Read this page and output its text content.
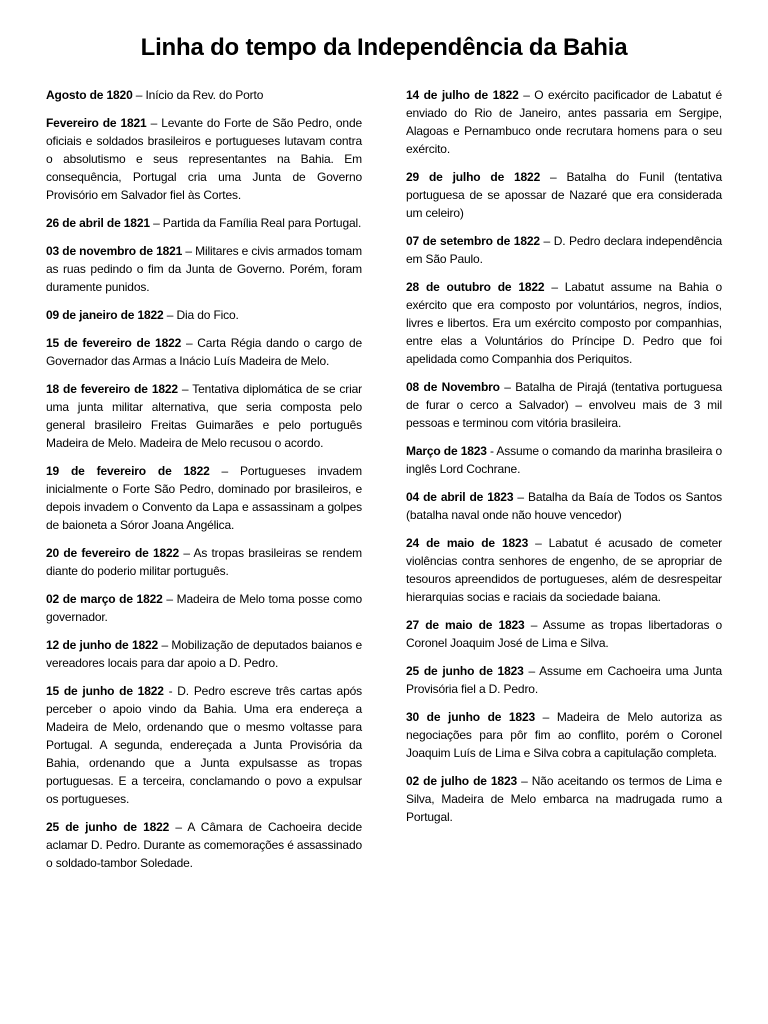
Linha do tempo da Independência da Bahia

Agosto de 1820 – Início da Rev. do Porto

Fevereiro de 1821 – Levante do Forte de São Pedro, onde oficiais e soldados brasileiros e portugueses lutavam contra o absolutismo e seus representantes na Bahia. Em consequência, Portugal cria uma Junta de Governo Provisório em Salvador fiel às Cortes.

26 de abril de 1821 – Partida da Família Real para Portugal.

03 de novembro de 1821 – Militares e civis armados tomam as ruas pedindo o fim da Junta de Governo. Porém, foram duramente punidos.

09 de janeiro de 1822 – Dia do Fico.

15 de fevereiro de 1822 – Carta Régia dando o cargo de Governador das Armas a Inácio Luís Madeira de Melo.

18 de fevereiro de 1822 – Tentativa diplomática de se criar uma junta militar alternativa, que seria composta pelo general brasileiro Freitas Guimarães e pelo português Madeira de Melo. Madeira de Melo recusou o acordo.

19 de fevereiro de 1822 – Portugueses invadem inicialmente o Forte São Pedro, dominado por brasileiros, e depois invadem o Convento da Lapa e assassinam a golpes de baioneta a Sóror Joana Angélica.

20 de fevereiro de 1822 – As tropas brasileiras se rendem diante do poderio militar português.

02 de março de 1822 – Madeira de Melo toma posse como governador.

12 de junho de 1822 – Mobilização de deputados baianos e vereadores locais para dar apoio a D. Pedro.

15 de junho de 1822 - D. Pedro escreve três cartas após perceber o apoio vindo da Bahia. Uma era endereça a Madeira de Melo, ordenando que o mesmo voltasse para Portugal. A segunda, endereçada a Junta Provisória da Bahia, ordenando que a Junta expulsasse as tropas portuguesas. E a terceira, conclamando o povo a expulsar os portugueses.

25 de junho de 1822 – A Câmara de Cachoeira decide aclamar D. Pedro. Durante as comemorações é assassinado o soldado-tambor Soledade.

14 de julho de 1822 – O exército pacificador de Labatut é enviado do Rio de Janeiro, antes passaria em Sergipe, Alagoas e Pernambuco onde recrutara homens para o seu exército.

29 de julho de 1822 – Batalha do Funil (tentativa portuguesa de se apossar de Nazaré que era considerada um celeiro)

07 de setembro de 1822 – D. Pedro declara independência em São Paulo.

28 de outubro de 1822 – Labatut assume na Bahia o exército que era composto por voluntários, negros, índios, livres e libertos. Era um exército composto por companhias, entre elas a Voluntários do Príncipe D. Pedro que foi apelidada como Companhia dos Periquitos.

08 de Novembro – Batalha de Pirajá (tentativa portuguesa de furar o cerco a Salvador) – envolveu mais de 3 mil pessoas e terminou com vitória brasileira.

Março de 1823 - Assume o comando da marinha brasileira o inglês Lord Cochrane.

04 de abril de 1823 – Batalha da Baía de Todos os Santos (batalha naval onde não houve vencedor)

24 de maio de 1823 – Labatut é acusado de cometer violências contra senhores de engenho, de se apropriar de tesouros apreendidos de portugueses, além de desrespeitar hierarquias socias e raciais da sociedade baiana.

27 de maio de 1823 – Assume as tropas libertadoras o Coronel Joaquim José de Lima e Silva.

25 de junho de 1823 – Assume em Cachoeira uma Junta Provisória fiel a D. Pedro.

30 de junho de 1823 – Madeira de Melo autoriza as negociações para pôr fim ao conflito, porém o Coronel Joaquim Luís de Lima e Silva cobra a capitulação completa.

02 de julho de 1823 – Não aceitando os termos de Lima e Silva, Madeira de Melo embarca na madrugada rumo a Portugal.
